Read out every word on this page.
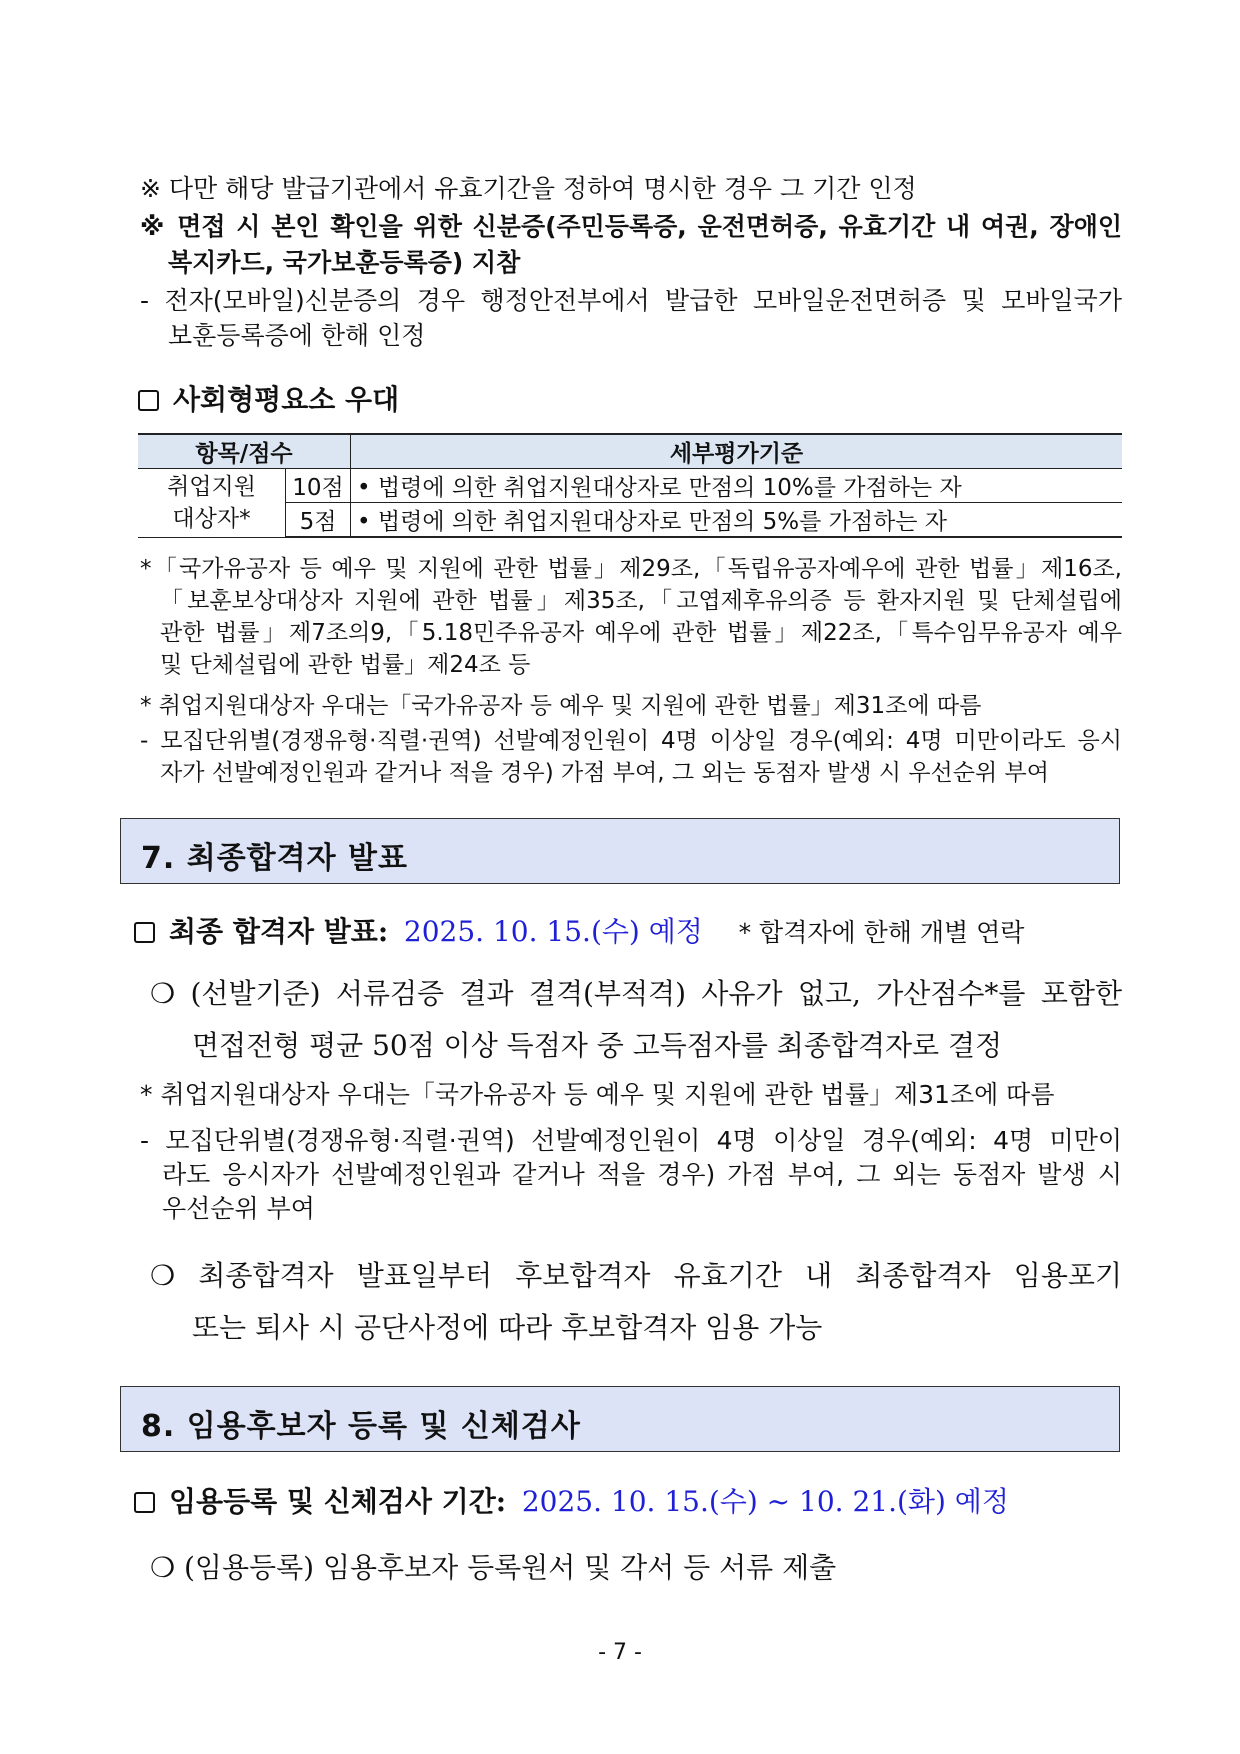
※ 다만 해당 발급기관에서 유효기간을 정하여 명시한 경우 그 기간 인정
※ 면접 시 본인 확인을 위한 신분증(주민등록증, 운전면허증, 유효기간 내 여권, 장애인
복지카드, 국가보훈등록증) 지참
- 전자(모바일)신분증의 경우 행정안전부에서 발급한 모바일운전면허증 및 모바일국가
보훈등록증에 한해 인정
사회형평요소 우대
항목/점수		세부평가기준

취업지원
대상자*	10점	• 법령에 의한 취업지원대상자로 만점의 10%를 가점하는 자
	5점	• 법령에 의한 취업지원대상자로 만점의 5%를 가점하는 자
*「국가유공자 등 예우 및 지원에 관한 법률」제29조,「독립유공자예우에 관한 법률」제16조,
「보훈보상대상자 지원에 관한 법률」제35조,「고엽제후유의증 등 환자지원 및 단체설립에
관한 법률」제7조의9,「5.18민주유공자 예우에 관한 법률」제22조,「특수임무유공자 예우
및 단체설립에 관한 법률」제24조 등
* 취업지원대상자 우대는「국가유공자 등 예우 및 지원에 관한 법률」제31조에 따름
- 모집단위별(경쟁유형·직렬·권역) 선발예정인원이 4명 이상일 경우(예외: 4명 미만이라도 응시
자가 선발예정인원과 같거나 적을 경우) 가점 부여, 그 외는 동점자 발생 시 우선순위 부여
7. 최종합격자 발표
최종 합격자 발표: 2025. 10. 15.(수) 예정 * 합격자에 한해 개별 연락
❍ (선발기준) 서류검증 결과 결격(부적격) 사유가 없고, 가산점수*를 포함한
면접전형 평균 50점 이상 득점자 중 고득점자를 최종합격자로 결정
* 취업지원대상자 우대는「국가유공자 등 예우 및 지원에 관한 법률」제31조에 따름
- 모집단위별(경쟁유형·직렬·권역) 선발예정인원이 4명 이상일 경우(예외: 4명 미만이
라도 응시자가 선발예정인원과 같거나 적을 경우) 가점 부여, 그 외는 동점자 발생 시
우선순위 부여
❍ 최종합격자 발표일부터 후보합격자 유효기간 내 최종합격자 임용포기
또는 퇴사 시 공단사정에 따라 후보합격자 임용 가능
8. 임용후보자 등록 및 신체검사
임용등록 및 신체검사 기간: 2025. 10. 15.(수) ~ 10. 21.(화) 예정
❍ (임용등록) 임용후보자 등록원서 및 각서 등 서류 제출
- 7 -
